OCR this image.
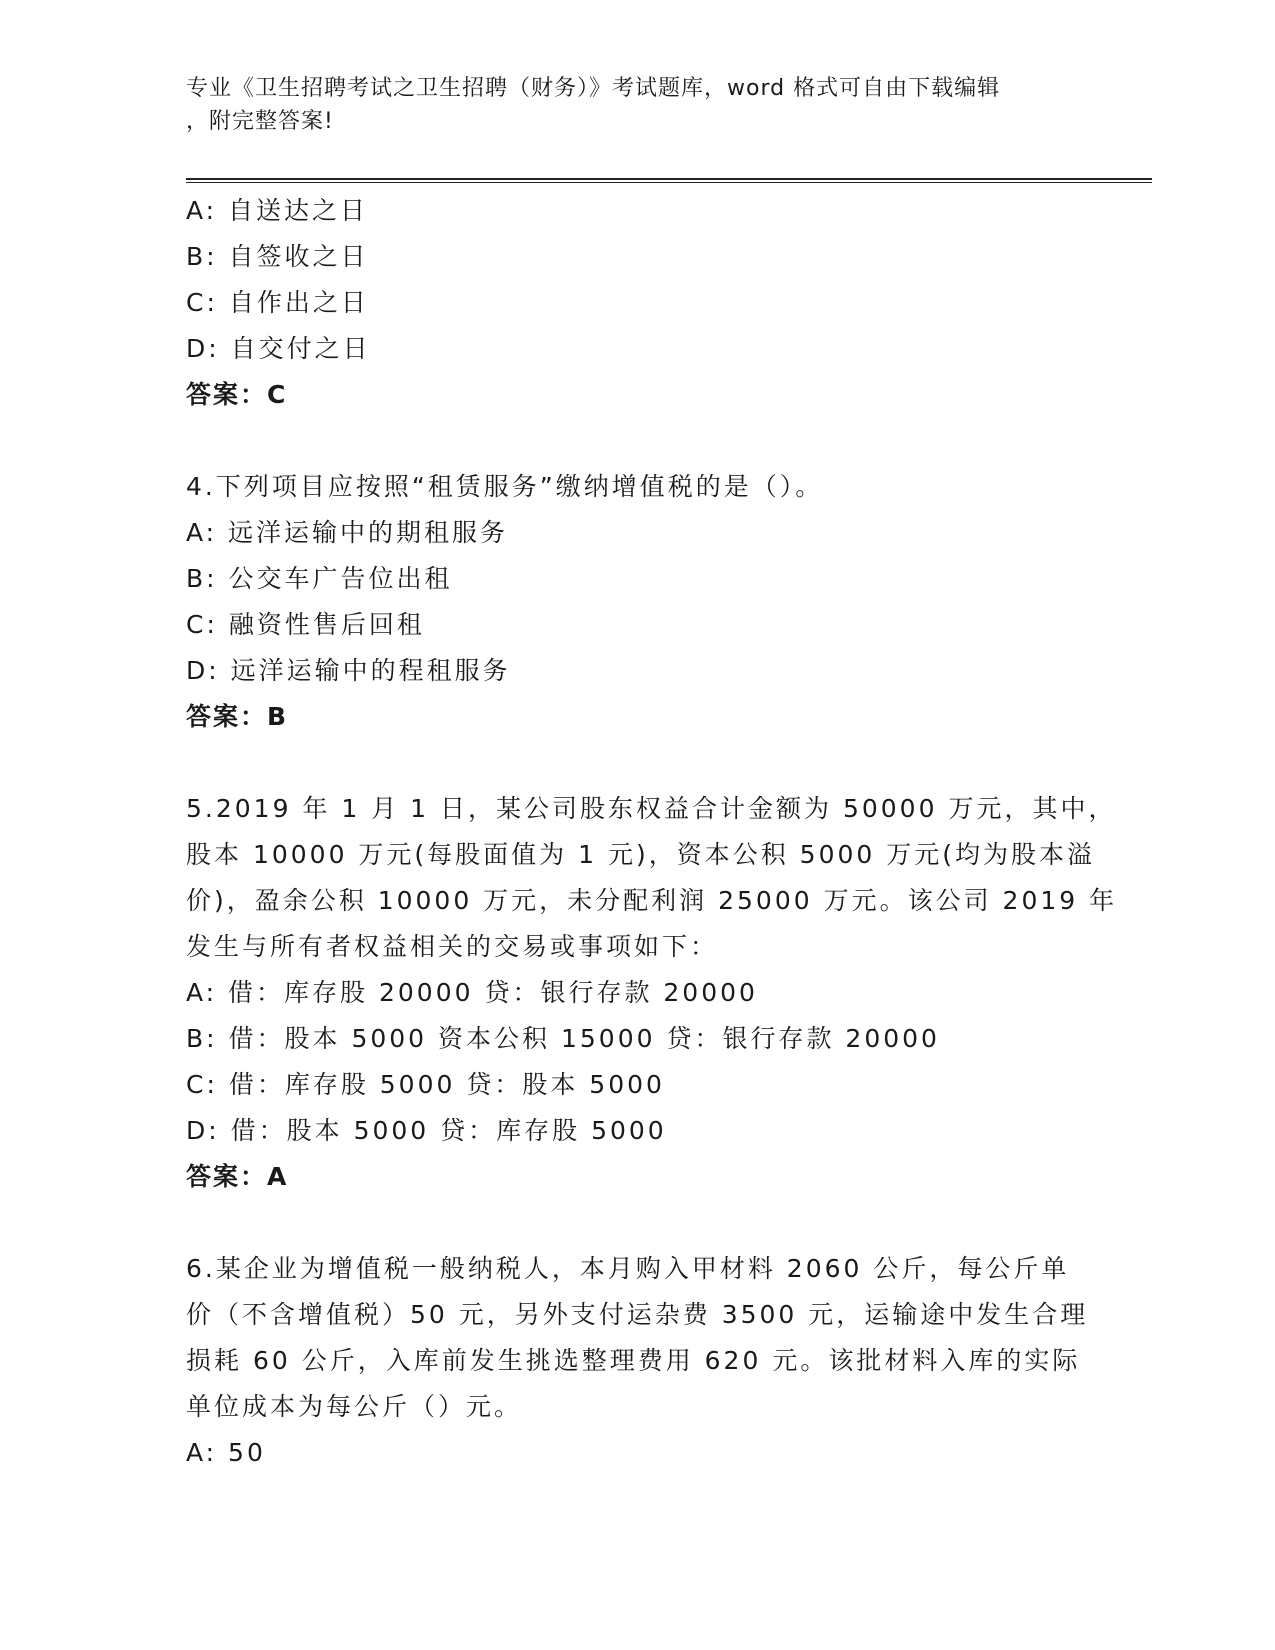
专业《卫生招聘考试之卫生招聘（财务）》考试题库，word 格式可自由下载编辑
，附完整答案!
A: 自送达之日
B: 自签收之日
C: 自作出之日
D: 自交付之日
答案：C
4.下列项目应按照“租赁服务”缴纳增值税的是（）。
A: 远洋运输中的期租服务
B: 公交车广告位出租
C: 融资性售后回租
D: 远洋运输中的程租服务
答案：B
5.2019 年 1 月 1 日，某公司股东权益合计金额为 50000 万元，其中，
股本 10000 万元(每股面值为 1 元)，资本公积 5000 万元(均为股本溢
价)，盈余公积 10000 万元，未分配利润 25000 万元。该公司 2019 年
发生与所有者权益相关的交易或事项如下：
A: 借：库存股 20000 贷：银行存款 20000
B: 借：股本 5000 资本公积 15000 贷：银行存款 20000
C: 借：库存股 5000 贷：股本 5000
D: 借：股本 5000 贷：库存股 5000
答案：A
6.某企业为增值税一般纳税人，本月购入甲材料 2060 公斤，每公斤单
价（不含增值税）50 元，另外支付运杂费 3500 元，运输途中发生合理
损耗 60 公斤，入库前发生挑选整理费用 620 元。该批材料入库的实际
单位成本为每公斤（）元。
A: 50
